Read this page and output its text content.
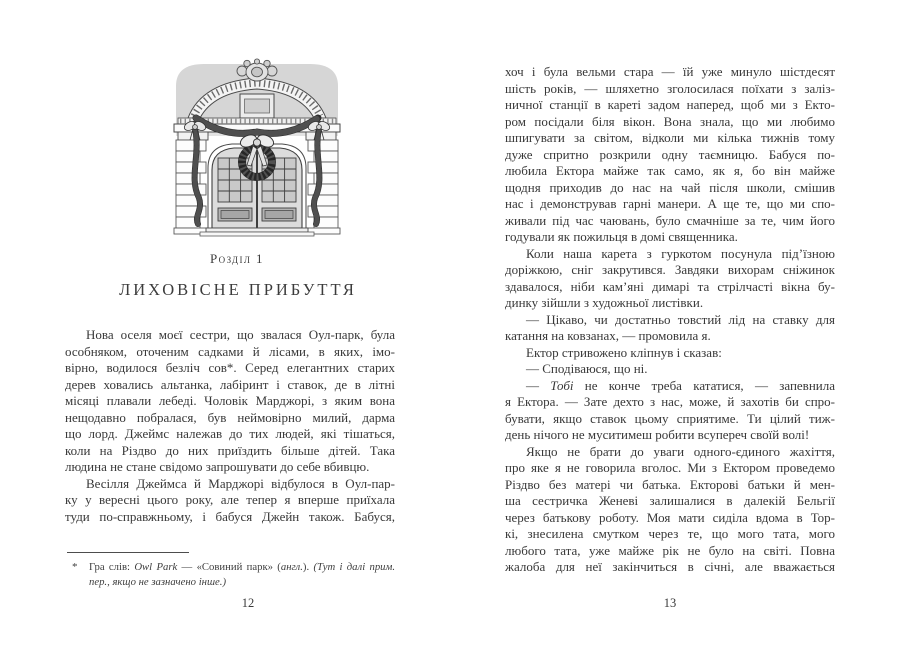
Розділ 1
ЛИХОВІСНЕ ПРИБУТТЯ
Нова оселя моєї сестри, що звалася Оул-парк, була
особняком, оточеним садками й лісами, в яких, імо-
вірно, водилося безліч сов*. Серед елегантних старих
дерев ховались альтанка, лабіринт і ставок, де в літні
місяці плавали лебеді. Чоловік Марджорі, з яким вона
нещодавно побралася, був неймовірно милий, дарма
що лорд. Джеймс належав до тих людей, які тішаться,
коли на Різдво до них приїздить більше дітей. Така
людина не стане свідомо запрошувати до себе вбивцю.
Весілля Джеймса й Марджорі відбулося в Оул-пар-
ку у вересні цього року, але тепер я вперше приїхала
туди по-справжньому, і бабуся Джейн також. Бабуся,
* Гра слів: Owl Park — «Совиний парк» (англ.). (Тут і далі прим.
пер., якщо не зазначено інше.)
12
хоч і була вельми стара — їй уже минуло шістдесят
шість років, — шляхетно зголосилася поїхати з заліз-
ничної станції в кареті задом наперед, щоб ми з Екто-
ром посідали біля вікон. Вона знала, що ми любимо
шпигувати за світом, відколи ми кілька тижнів тому
дуже спритно розкрили одну таємницю. Бабуся по-
любила Ектора майже так само, як я, бо він майже
щодня приходив до нас на чай після школи, смішив
нас і демонстрував гарні манери. А ще те, що ми спо-
живали під час чаювань, було смачніше за те, чим його
годували як пожильця в домі священника.
Коли наша карета з гуркотом посунула під’їзною
доріжкою, сніг закрутився. Завдяки вихорам сніжинок
здавалося, ніби кам’яні димарі та стрілчасті вікна бу-
динку зійшли з художньої листівки.
— Цікаво, чи достатньо товстий лід на ставку для
катання на ковзанах, — промовила я.
Ектор стривожено кліпнув і сказав:
— Сподіваюся, що ні.
— Тобі не конче треба кататися, — запевнила
я Ектора. — Зате дехто з нас, може, й захотів би спро-
бувати, якщо ставок цьому сприятиме. Ти цілий тиж-
день нічого не муситимеш робити всупереч своїй волі!
Якщо не брати до уваги одного-єдиного жахіття,
про яке я не говорила вголос. Ми з Ектором проведемо
Різдво без матері чи батька. Екторові батьки й мен-
ша сестричка Женеві залишалися в далекій Бельгії
через батькову роботу. Моя мати сиділа вдома в Тор-
кі, знесилена смутком через те, що мого тата, мого
любого тата, уже майже рік не було на світі. Повна
жалоба для неї закінчиться в січні, але вважається
13
